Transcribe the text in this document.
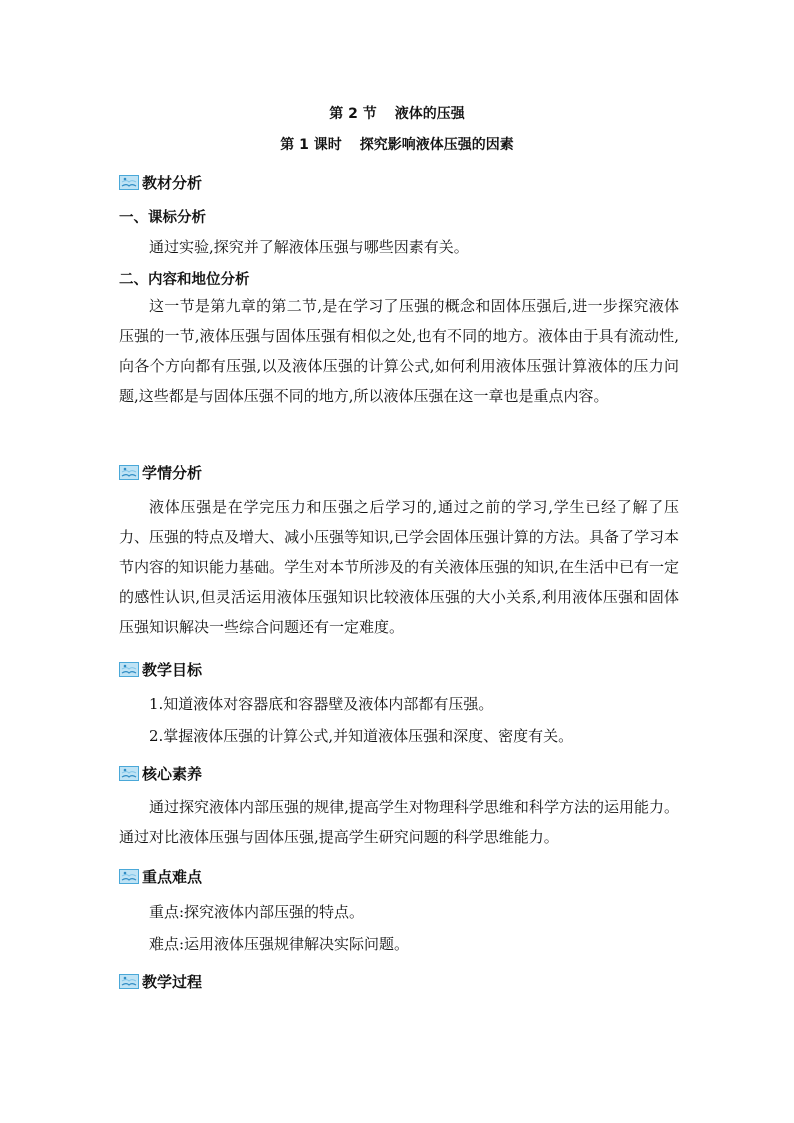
第 2 节 液体的压强
第 1 课时 探究影响液体压强的因素
教材分析
一、课标分析
通过实验,探究并了解液体压强与哪些因素有关。
二、内容和地位分析

这一节是第九章的第二节,是在学习了压强的概念和固体压强后,进一步探究液体压强的一节,液体压强与固体压强有相似之处,也有不同的地方。液体由于具有流动性,向各个方向都有压强,以及液体压强的计算公式,如何利用液体压强计算液体的压力问题,这些都是与固体压强不同的地方,所以液体压强在这一章也是重点内容。

学情分析

液体压强是在学完压力和压强之后学习的,通过之前的学习,学生已经了解了压力、压强的特点及增大、减小压强等知识,已学会固体压强计算的方法。具备了学习本节内容的知识能力基础。学生对本节所涉及的有关液体压强的知识,在生活中已有一定的感性认识,但灵活运用液体压强知识比较液体压强的大小关系,利用液体压强和固体压强知识解决一些综合问题还有一定难度。

教学目标
1.知道液体对容器底和容器壁及液体内部都有压强。
2.掌握液体压强的计算公式,并知道液体压强和深度、密度有关。
核心素养

通过探究液体内部压强的规律,提高学生对物理科学思维和科学方法的运用能力。通过对比液体压强与固体压强,提高学生研究问题的科学思维能力。

重点难点
重点:探究液体内部压强的特点。
难点:运用液体压强规律解决实际问题。
教学过程
